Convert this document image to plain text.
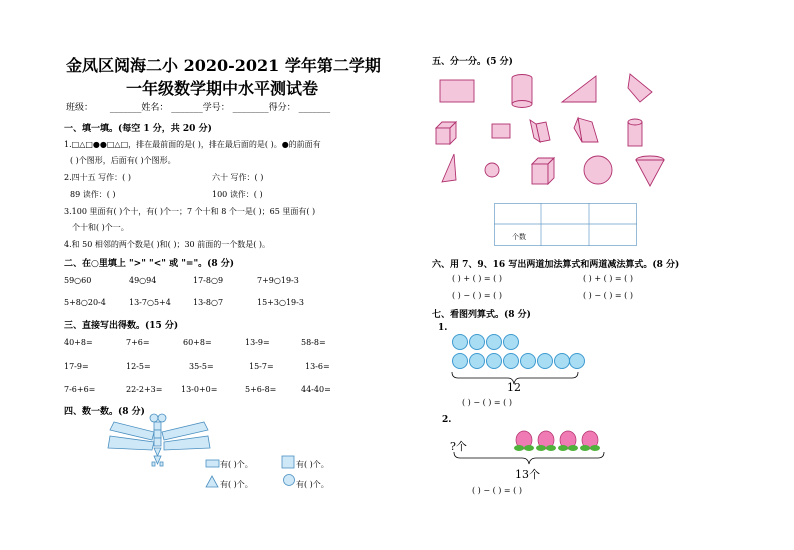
金凤区阅海二小 2020-2021 学年第二学期
一年级数学期中水平测试卷
班级： _______姓名： _______学号： ________得分： _______
一、填一填。(每空 1 分，共 20 分)
1.□△□●●□△□，排在最前面的是( )，排在最后面的是( )。●的前面有
( )个图形，后面有( )个图形。
2.四十五 写作：( )	六十 写作：( )
89 读作：( )	100 读作：( )
3.100 里面有( )个十，有( )个一；7 个十和 8 个一是( )；65 里面有( )
个十和( )个一。
4.和 50 相邻的两个数是( )和( )；30 前面的一个数是( )。
二、在○里填上 ">" "<" 或 "="。(8 分)
59○60	49○94	17-8○9	7+9○19-3
5+8○20-4	13-7○5+4	13-8○7	15+3○19-3
三、直接写出得数。(15 分)
40+8=	7+6=	60+8=	13-9=	58-8=
17-9=	12-5=	35-5=	15-7=	13-6=
7-6+6=	22-2+3= 13-0+0=	5+6-8=	44-40=
四、数一数。(8 分)
有( )个。	有( )个。
有( )个。	有( )个。
五、分一分。(5 分)
个数
六、用 7、9、16 写出两道加法算式和两道减法算式。(8 分)
( ) + ( ) = ( )	( ) + ( ) = ( )
( ) − ( ) = ( )	( ) − ( ) = ( )
七、看图列算式。(8 分)
1.
12
( ) − ( ) = ( )
2.
?个
13个
( ) − ( ) = ( )
